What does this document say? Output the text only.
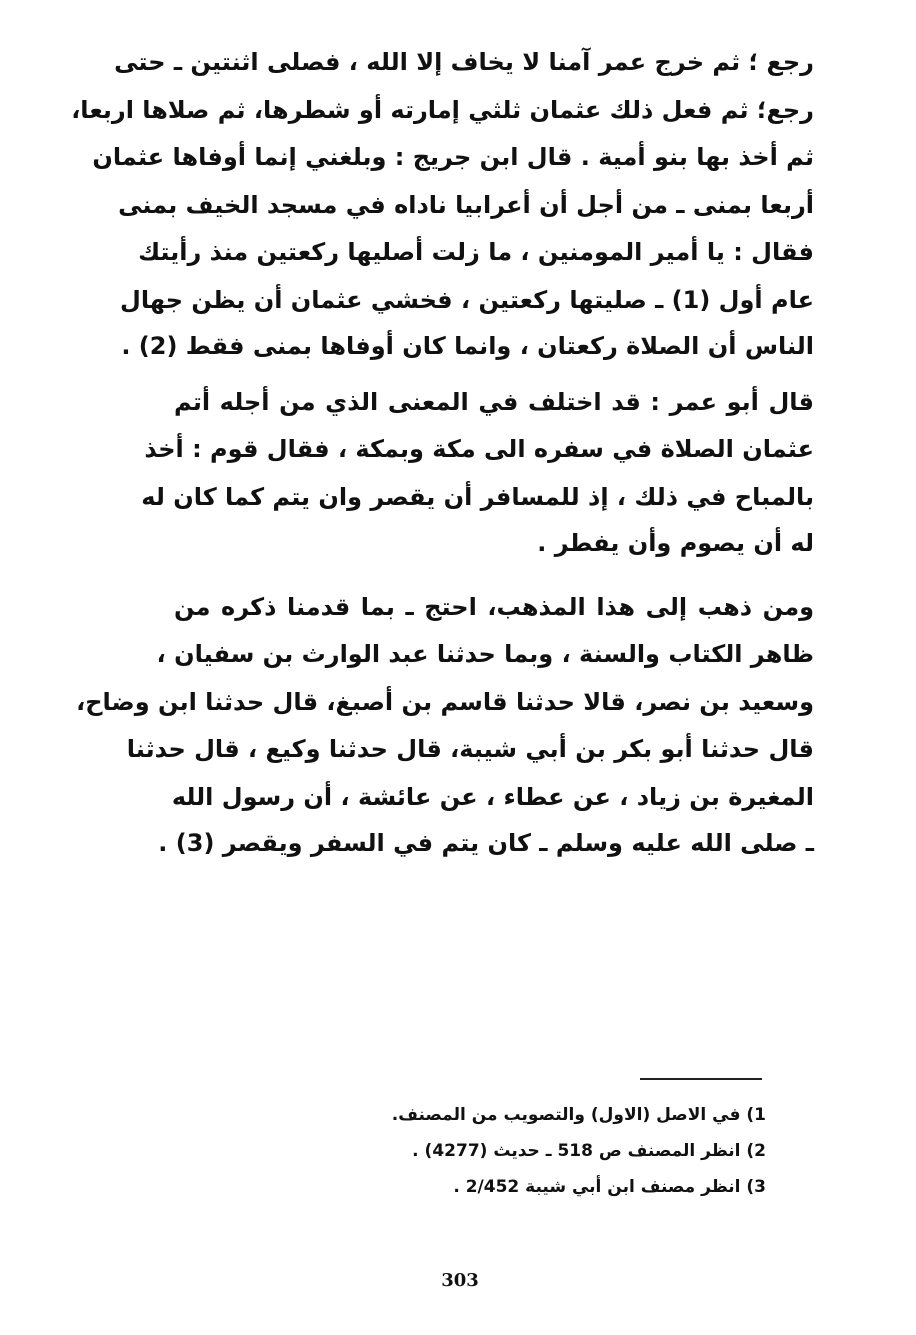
رجع ؛ ثم خرج عمر آمنا لا يخاف إلا الله ، فصلى اثنتين ـ حتى
رجع؛ ثم فعل ذلك عثمان ثلثي إمارته أو شطرها، ثم صلاها اربعا،
ثم أخذ بها بنو أمية . قال ابن جريج : وبلغني إنما أوفاها عثمان
أربعا بمنى ـ من أجل أن أعرابيا ناداه في مسجد الخيف بمنى
فقال : يا أمير المومنين ، ما زلت أصليها ركعتين منذ رأيتك
عام أول (1) ـ صليتها ركعتين ، فخشي عثمان أن يظن جهال
الناس أن الصلاة ركعتان ، وانما كان أوفاها بمنى فقط (2) .
قال أبو عمر : قد اختلف في المعنى الذي من أجله أتم
عثمان الصلاة في سفره الى مكة وبمكة ، فقال قوم : أخذ
بالمباح في ذلك ، إذ للمسافر أن يقصر وان يتم كما كان له
له أن يصوم وأن يفطر .
ومن ذهب إلى هذا المذهب، احتج ـ بما قدمنا ذكره من
ظاهر الكتاب والسنة ، وبما حدثنا عبد الوارث بن سفيان ،
وسعيد بن نصر، قالا حدثنا قاسم بن أصبغ، قال حدثنا ابن وضاح،
قال حدثنا أبو بكر بن أبي شيبة، قال حدثنا وكيع ، قال حدثنا
المغيرة بن زياد ، عن عطاء ، عن عائشة ، أن رسول الله
ـ صلى الله عليه وسلم ـ كان يتم في السفر ويقصر (3) .
1) في الاصل (الاول) والتصويب من المصنف.
2) انظر المصنف ص 518 ـ حديث (4277) .
3) انظر مصنف ابن أبي شيبة 2/452 .
303
